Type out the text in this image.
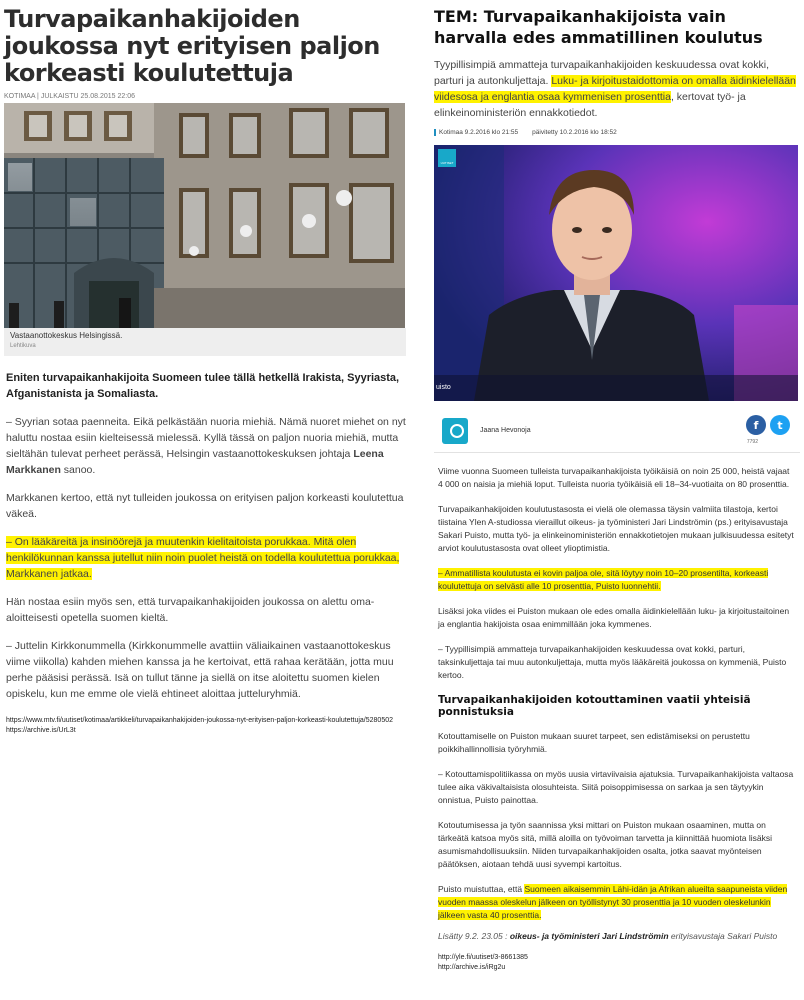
Turvapaikanhakijoiden joukossa nyt erityisen paljon korkeasti koulutettuja
KOTIMAA | JULKAISTU 25.08.2015 22:06
Vastaanottokeskus Helsingissä.
Lehtikuva

Eniten turvapaikanhakijoita Suomeen tulee tällä hetkellä Irakista, Syyriasta, Afganistanista ja Somaliasta.

– Syyrian sotaa paenneita. Eikä pelkästään nuoria miehiä. Nämä nuoret miehet on nyt haluttu nostaa esiin kielteisessä mielessä. Kyllä tässä on paljon nuoria miehiä, mutta sieltähän tulevat perheet perässä, Helsingin vastaanottokeskuksen johtaja Leena Markkanen sanoo.

Markkanen kertoo, että nyt tulleiden joukossa on erityisen paljon korkeasti koulutettua väkeä.

– On lääkäreitä ja insinöörejä ja muutenkin kielitaitoista porukkaa. Mitä olen henkilökunnan kanssa jutellut niin noin puolet heistä on todella koulutettua porukkaa, Markkanen jatkaa.

Hän nostaa esiin myös sen, että turvapaikanhakijoiden joukossa on alettu oma-aloitteisesti opetella suomen kieltä.

– Juttelin Kirkkonummella (Kirkkonummelle avattiin väliaikainen vastaanottokeskus viime viikolla) kahden miehen kanssa ja he kertoivat, että rahaa kerätään, jotta muu perhe pääsisi perässä. Isä on tullut tänne ja siellä on itse aloitettu suomen kielen opiskelu, kun me emme ole vielä ehtineet aloittaa jutteluryhmiä.

https://www.mtv.fi/uutiset/kotimaa/artikkeli/turvapaikanhakijoiden-joukossa-nyt-erityisen-paljon-korkeasti-koulutettuja/5280502
https://archive.is/UrL3t
TEM: Turvapaikanhakijoista vain harvalla edes ammatillinen koulutus

Tyypillisimpiä ammatteja turvapaikanhakijoiden keskuudessa ovat kokki, parturi ja autonkuljettaja. Luku- ja kirjoitustaidottomia on omalla äidinkielellään viidesosa ja englantia osaa kymmenisen prosenttia, kertovat työ- ja elinkeinoministeriön ennakkotiedot.

Kotimaa 9.2.2016 klo 21:55 päivitetty 10.2.2016 klo 18:52
UUTISET
uisto
Jaana Hevonoja	f	t
7792

Viime vuonna Suomeen tulleista turvapaikanhakijoista työikäisiä on noin 25 000, heistä vajaat 4 000 on naisia ja miehiä loput. Tulleista nuoria työikäisiä eli 18–34-vuotiaita on 80 prosenttia.

Turvapaikanhakijoiden koulutustasosta ei vielä ole olemassa täysin valmiita tilastoja, kertoi tiistaina Ylen A-studiossa vieraillut oikeus- ja työministeri Jari Lindströmin (ps.) erityisavustaja Sakari Puisto, mutta työ- ja elinkeinoministeriön ennakkotietojen mukaan julkisuudessa esitetyt arviot koulutustasosta ovat olleet ylioptimistia.

– Ammatillista koulutusta ei kovin paljoa ole, sitä löytyy noin 10–20 prosentilta, korkeasti koulutettuja on selvästi alle 10 prosenttia, Puisto luonnehtii.

Lisäksi joka viides ei Puiston mukaan ole edes omalla äidinkielellään luku- ja kirjoitustaitoinen ja englantia hakijoista osaa enimmillään joka kymmenes.

– Tyypillisimpiä ammatteja turvapaikanhakijoiden keskuudessa ovat kokki, parturi, taksinkuljettaja tai muu autonkuljettaja, mutta myös lääkäreitä joukossa on kymmeniä, Puisto kertoo.

Turvapaikanhakijoiden kotouttaminen vaatii yhteisiä ponnistuksia

Kotouttamiselle on Puiston mukaan suuret tarpeet, sen edistämiseksi on perustettu poikkihallinnollisia työryhmiä.

– Kotouttamispolitiikassa on myös uusia virtaviivaisia ajatuksia. Turvapaikanhakijoista valtaosa tulee aika väkivaltaisista olosuhteista. Siitä poisoppimisessa on sarkaa ja sen täytyykin onnistua, Puisto painottaa.

Kotoutumisessa ja työn saannissa yksi mittari on Puiston mukaan osaaminen, mutta on tärkeätä katsoa myös sitä, millä aloilla on työvoiman tarvetta ja kiinnittää huomiota lisäksi asumismahdollisuuksiin. Niiden turvapaikanhakijoiden osalta, jotka saavat myönteisen päätöksen, aiotaan tehdä uusi syvempi kartoitus.

Puisto muistuttaa, että Suomeen aikaisemmin Lähi-idän ja Afrikan alueilta saapuneista viiden vuoden maassa oleskelun jälkeen on työllistynyt 30 prosenttia ja 10 vuoden oleskelunkin jälkeen vasta 40 prosenttia.

Lisätty 9.2. 23.05 : oikeus- ja työministeri Jari Lindströmin erityisavustaja Sakari Puisto

http://yle.fi/uutiset/3-8661385
http://archive.is/iRg2u
